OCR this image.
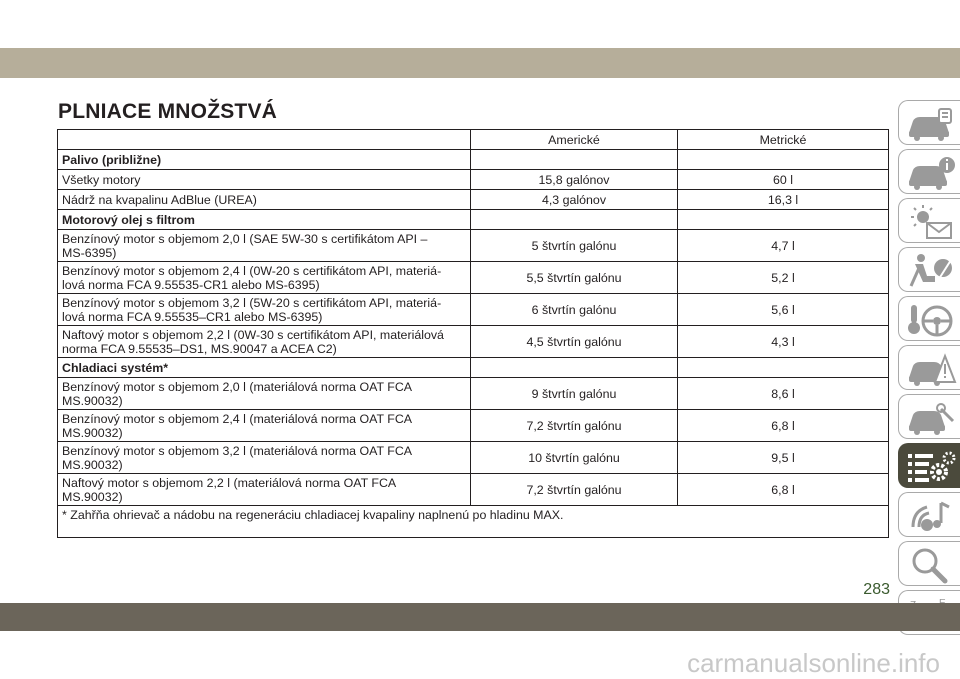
PLNIACE MNOŽSTVÁ
	Americké	Metrické
Palivo (približne)		
Všetky motory	15,8 galónov	60 l
Nádrž na kvapalinu AdBlue (UREA)	4,3 galónov	16,3 l
Motorový olej s filtrom		
Benzínový motor s objemom 2,0 l (SAE 5W-30 s certifikátom API –
MS-6395)	5 štvrtín galónu	4,7 l
Benzínový motor s objemom 2,4 l (0W-20 s certifikátom API, materiá-
lová norma FCA 9.55535-CR1 alebo MS-6395)	5,5 štvrtín galónu	5,2 l
Benzínový motor s objemom 3,2 l (5W-20 s certifikátom API, materiá-
lová norma FCA 9.55535–CR1 alebo MS-6395)	6 štvrtín galónu	5,6 l
Naftový motor s objemom 2,2 l (0W-30 s certifikátom API, materiálová
norma FCA 9.55535–DS1, MS.90047 a ACEA C2)	4,5 štvrtín galónu	4,3 l
Chladiaci systém*		
Benzínový motor s objemom 2,0 l (materiálová norma OAT FCA
MS.90032)	9 štvrtín galónu	8,6 l
Benzínový motor s objemom 2,4 l (materiálová norma OAT FCA
MS.90032)	7,2 štvrtín galónu	6,8 l
Benzínový motor s objemom 3,2 l (materiálová norma OAT FCA
MS.90032)	10 štvrtín galónu	9,5 l
Naftový motor s objemom 2,2 l (materiálová norma OAT FCA
MS.90032)	7,2 štvrtín galónu	6,8 l
* Zahřňa ohrievač a nádobu na regeneráciu chladiacej kvapaliny naplnenú po hladinu MAX.		
283
carmanualsonline.info
